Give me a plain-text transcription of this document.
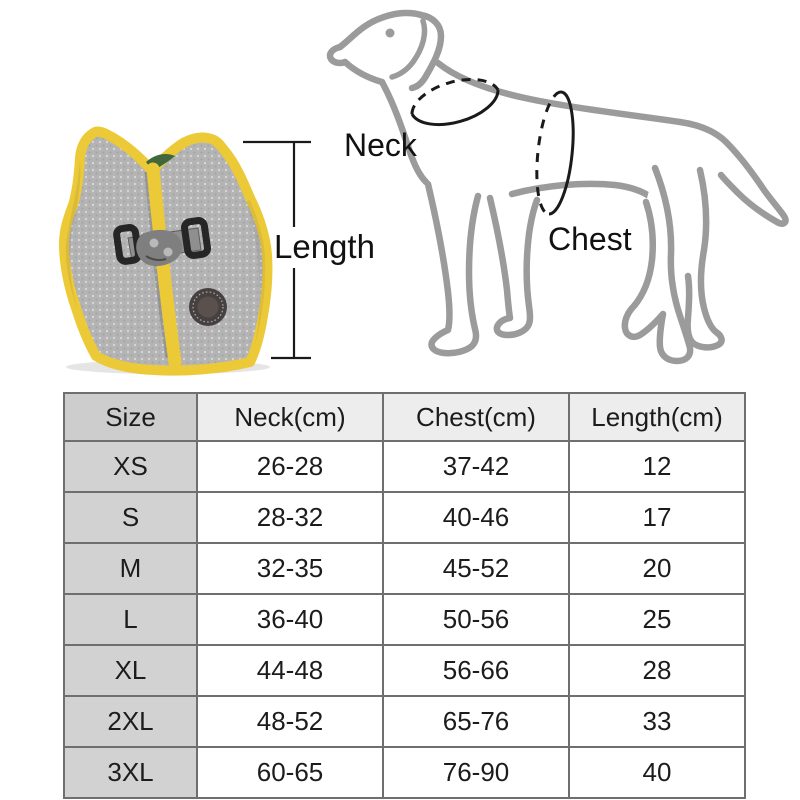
Length
Neck
Chest
Size	Neck(cm)	Chest(cm)	Length(cm)
XS	26-28	37-42	12
S	28-32	40-46	17
M	32-35	45-52	20
L	36-40	50-56	25
XL	44-48	56-66	28
2XL	48-52	65-76	33
3XL	60-65	76-90	40
